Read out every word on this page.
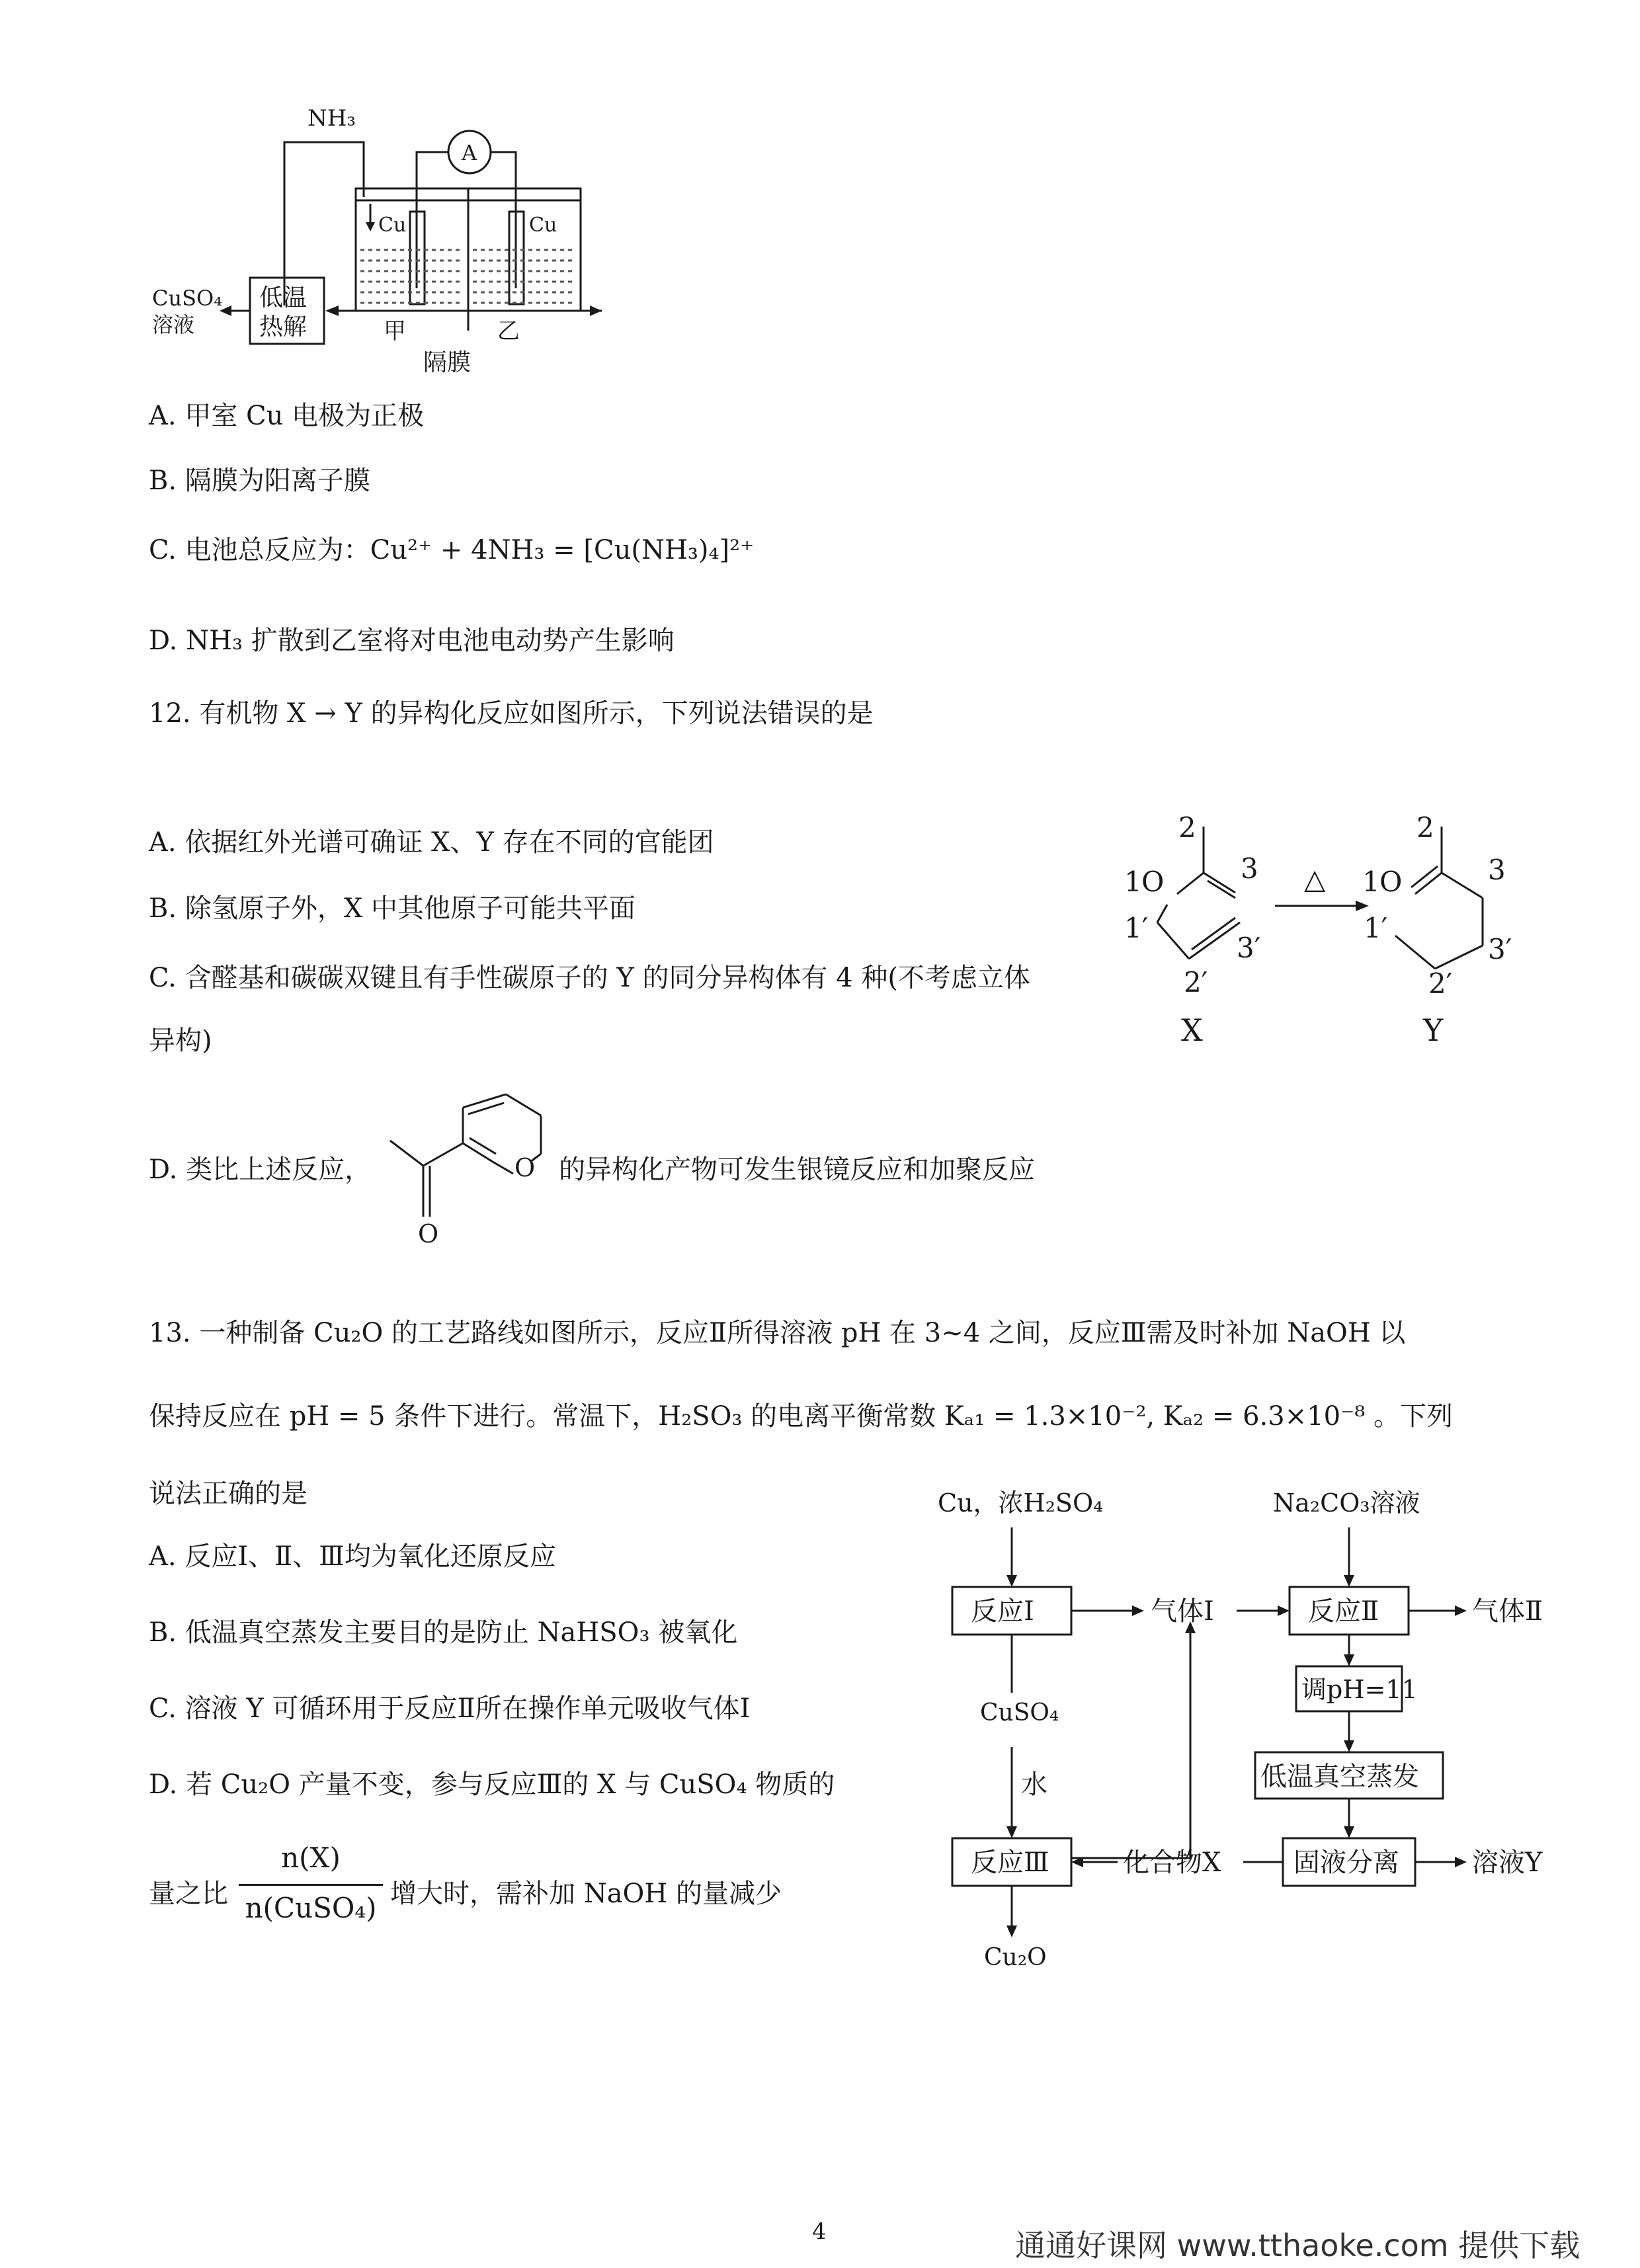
NH₃
A
Cu	Cu
CuSO₄
溶液
低温
热解	甲	乙
隔膜
A. 甲室 Cu 电极为正极
B. 隔膜为阳离子膜
C. 电池总反应为：Cu²⁺ + 4NH₃ = [Cu(NH₃)₄]²⁺
D. NH₃ 扩散到乙室将对电池电动势产生影响
12. 有机物 X → Y 的异构化反应如图所示，下列说法错误的是
A. 依据红外光谱可确证 X、Y 存在不同的官能团
B. 除氢原子外，X 中其他原子可能共平面
C. 含醛基和碳碳双键且有手性碳原子的 Y 的同分异构体有 4 种(不考虑立体
异构)
2
3
1 O
1′
3′
2′
△
X
2
3
1 O
1′
3′
2′
Y
D. 类比上述反应，	O
O
的异构化产物可发生银镜反应和加聚反应
13. 一种制备 Cu₂O 的工艺路线如图所示，反应Ⅱ所得溶液 pH 在 3~4 之间，反应Ⅲ需及时补加 NaOH 以
保持反应在 pH = 5 条件下进行。常温下，H₂SO₃ 的电离平衡常数 Kₐ₁ = 1.3×10⁻², Kₐ₂ = 6.3×10⁻⁸ 。下列
说法正确的是
A. 反应Ⅰ、Ⅱ、Ⅲ均为氧化还原反应
B. 低温真空蒸发主要目的是防止 NaHSO₃ 被氧化
C. 溶液 Y 可循环用于反应Ⅱ所在操作单元吸收气体Ⅰ
D. 若 Cu₂O 产量不变，参与反应Ⅲ的 X 与 CuSO₄ 物质的
量之比
n(X)
n(CuSO₄) 增大时，需补加 NaOH 的量减少
Cu，浓H₂SO₄	Na₂CO₃溶液
反应Ⅰ	气体Ⅰ	反应Ⅱ	气体Ⅱ
调pH=11
低温真空蒸发
CuSO₄
水
反应Ⅲ	化合物X	固液分离	溶液Y
Cu₂O
4	通通好课网 www.tthaoke.com 提供下载
